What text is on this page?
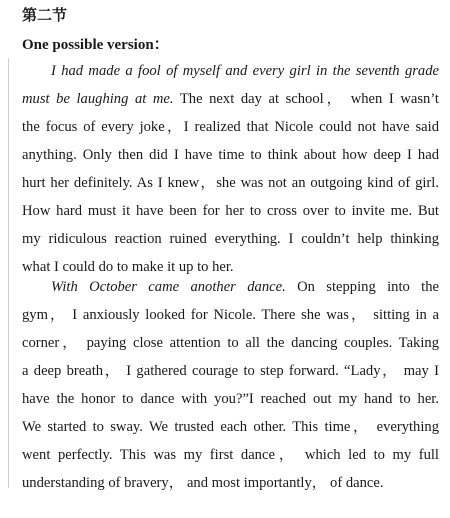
第二节
One possible version：
I had made a fool of myself and every girl in the seventh grade
must be laughing at me. The next day at school， when I wasn’t
the focus of every joke，I realized that Nicole could not have said
anything. Only then did I have time to think about how deep I had
hurt her definitely. As I knew，she was not an outgoing kind of girl.
How hard must it have been for her to cross over to invite me. But
my ridiculous reaction ruined everything. I couldn’t help thinking
what I could do to make it up to her.
With October came another dance. On stepping into the
gym， I anxiously looked for Nicole. There she was， sitting in a
corner， paying close attention to all the dancing couples. Taking
a deep breath， I gathered courage to step forward. “Lady， may I
have the honor to dance with you?”I reached out my hand to her.
We started to sway. We trusted each other. This time， everything
went perfectly. This was my first dance， which led to my full
understanding of bravery， and most importantly， of dance.
